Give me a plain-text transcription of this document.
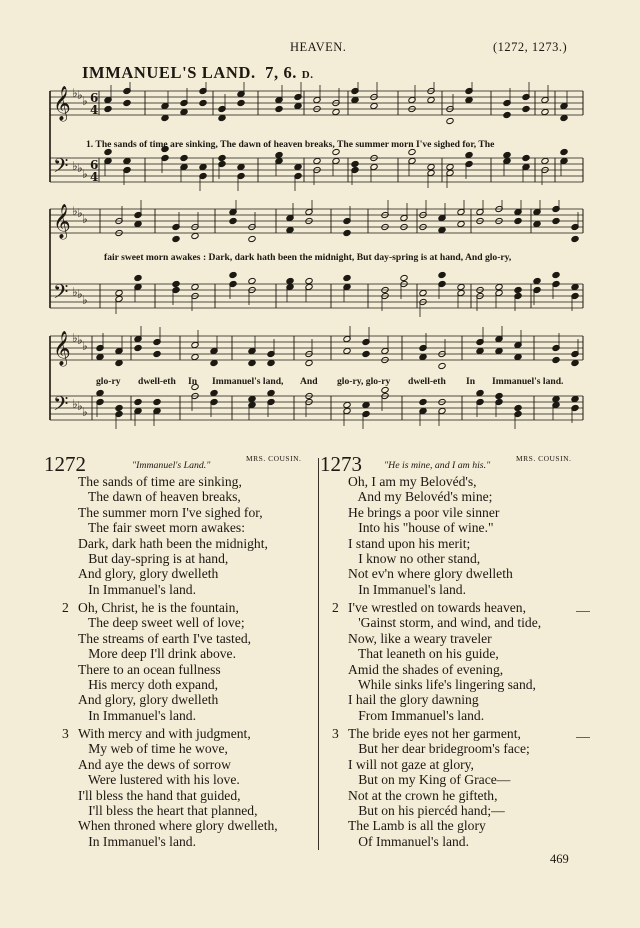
HEAVEN.	(1272, 1273.)
IMMANUEL'S LAND. 7, 6. D.
𝄞
𝄢
♭
♭
♭
♭
♭
♭
6
4
6
4
1. The sands of time are sinking, The dawn of heaven breaks, The summer morn I've sighed for, The
𝄞
𝄢
♭
♭
♭
♭
♭
♭
fair sweet morn awakes : Dark, dark hath been the midnight, But day-spring is at hand, And glo-ry,
𝄞
𝄢
♭
♭
♭
♭
♭
♭
glo-ry dwell-eth In Immanuel's land, And glo-ry, glo-ry dwell-eth In Immanuel's land.
1272	"Immanuel's Land."
MRS. COUSIN.
The sands of time are sinking,
The dawn of heaven breaks,
The summer morn I've sighed for,
The fair sweet morn awakes:
Dark, dark hath been the midnight,
But day-spring is at hand,
And glory, glory dwelleth
In Immanuel's land.
2 Oh, Christ, he is the fountain,
The deep sweet well of love;
The streams of earth I've tasted,
More deep I'll drink above.
There to an ocean fullness
His mercy doth expand,
And glory, glory dwelleth
In Immanuel's land.
3 With mercy and with judgment,
My web of time he wove,
And aye the dews of sorrow
Were lustered with his love.
I'll bless the hand that guided,
I'll bless the heart that planned,
When throned where glory dwelleth,
In Immanuel's land.
1273 "He is mine, and I am his."
MRS. COUSIN.
Oh, I am my Belovéd's,
And my Belovéd's mine;
He brings a poor vile sinner
Into his "house of wine."
I stand upon his merit;
I know no other stand,
Not ev'n where glory dwelleth
In Immanuel's land.
2 I've wrestled on towards heaven,
'Gainst storm, and wind, and tide,
Now, like a weary traveler
That leaneth on his guide,
Amid the shades of evening,
While sinks life's lingering sand,
I hail the glory dawning
From Immanuel's land.
3 The bride eyes not her garment,
But her dear bridegroom's face;
I will not gaze at glory,
But on my King of Grace—
Not at the crown he gifteth,
But on his piercéd hand;—
The Lamb is all the glory
Of Immanuel's land.
469
